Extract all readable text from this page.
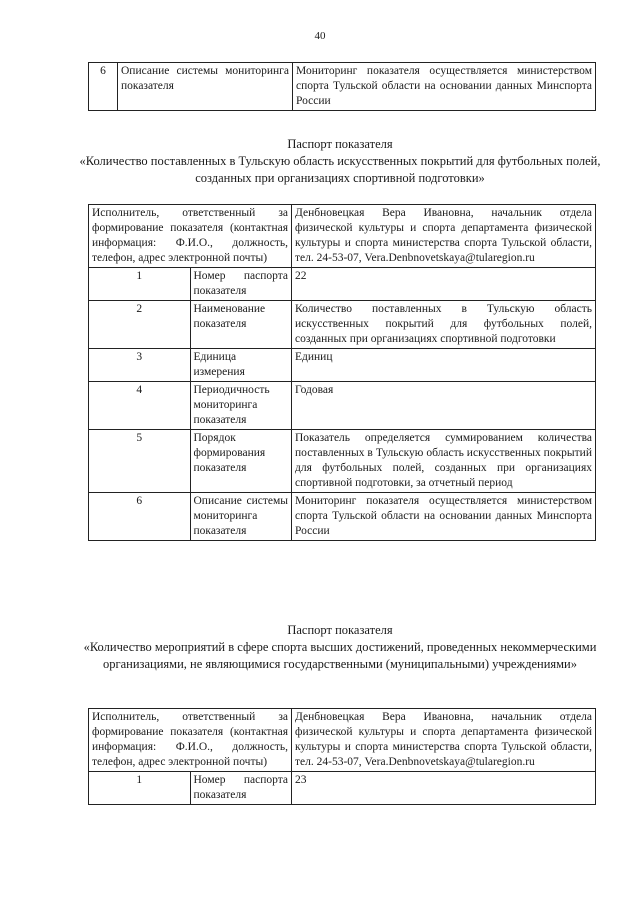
40
6	Описание системы мониторинга показателя	Мониторинг показателя осуществляется министерством спорта Тульской области на основании данных Минспорта России
Паспорт показателя
«Количество поставленных в Тульскую область искусственных покрытий для футбольных полей, созданных при организациях спортивной подготовки»
Исполнитель, ответственный за формирование показателя (контактная информация: Ф.И.О., должность, телефон, адрес электронной почты)		Денбновецкая Вера Ивановна, начальник отдела физической культуры и спорта департамента физической культуры и спорта министерства спорта Тульской области, тел. 24-53-07, Vera.Denbnovetskaya@tularegion.ru
1	Номер паспорта показателя	22
2	Наименование показателя	Количество поставленных в Тульскую область искусственных покрытий для футбольных полей, созданных при организациях спортивной подготовки
3	Единица измерения	Единиц
4	Периодичность мониторинга показателя	Годовая
5	Порядок формирования показателя	Показатель определяется суммированием количества поставленных в Тульскую область искусственных покрытий для футбольных полей, созданных при организациях спортивной подготовки, за отчетный период
6	Описание системы мониторинга показателя	Мониторинг показателя осуществляется министерством спорта Тульской области на основании данных Минспорта России
Паспорт показателя
«Количество мероприятий в сфере спорта высших достижений, проведенных некоммерческими организациями, не являющимися государственными (муниципальными) учреждениями»
Исполнитель, ответственный за формирование показателя (контактная информация: Ф.И.О., должность, телефон, адрес электронной почты)		Денбновецкая Вера Ивановна, начальник отдела физической культуры и спорта департамента физической культуры и спорта министерства спорта Тульской области, тел. 24-53-07, Vera.Denbnovetskaya@tularegion.ru
1	Номер паспорта показателя	23
